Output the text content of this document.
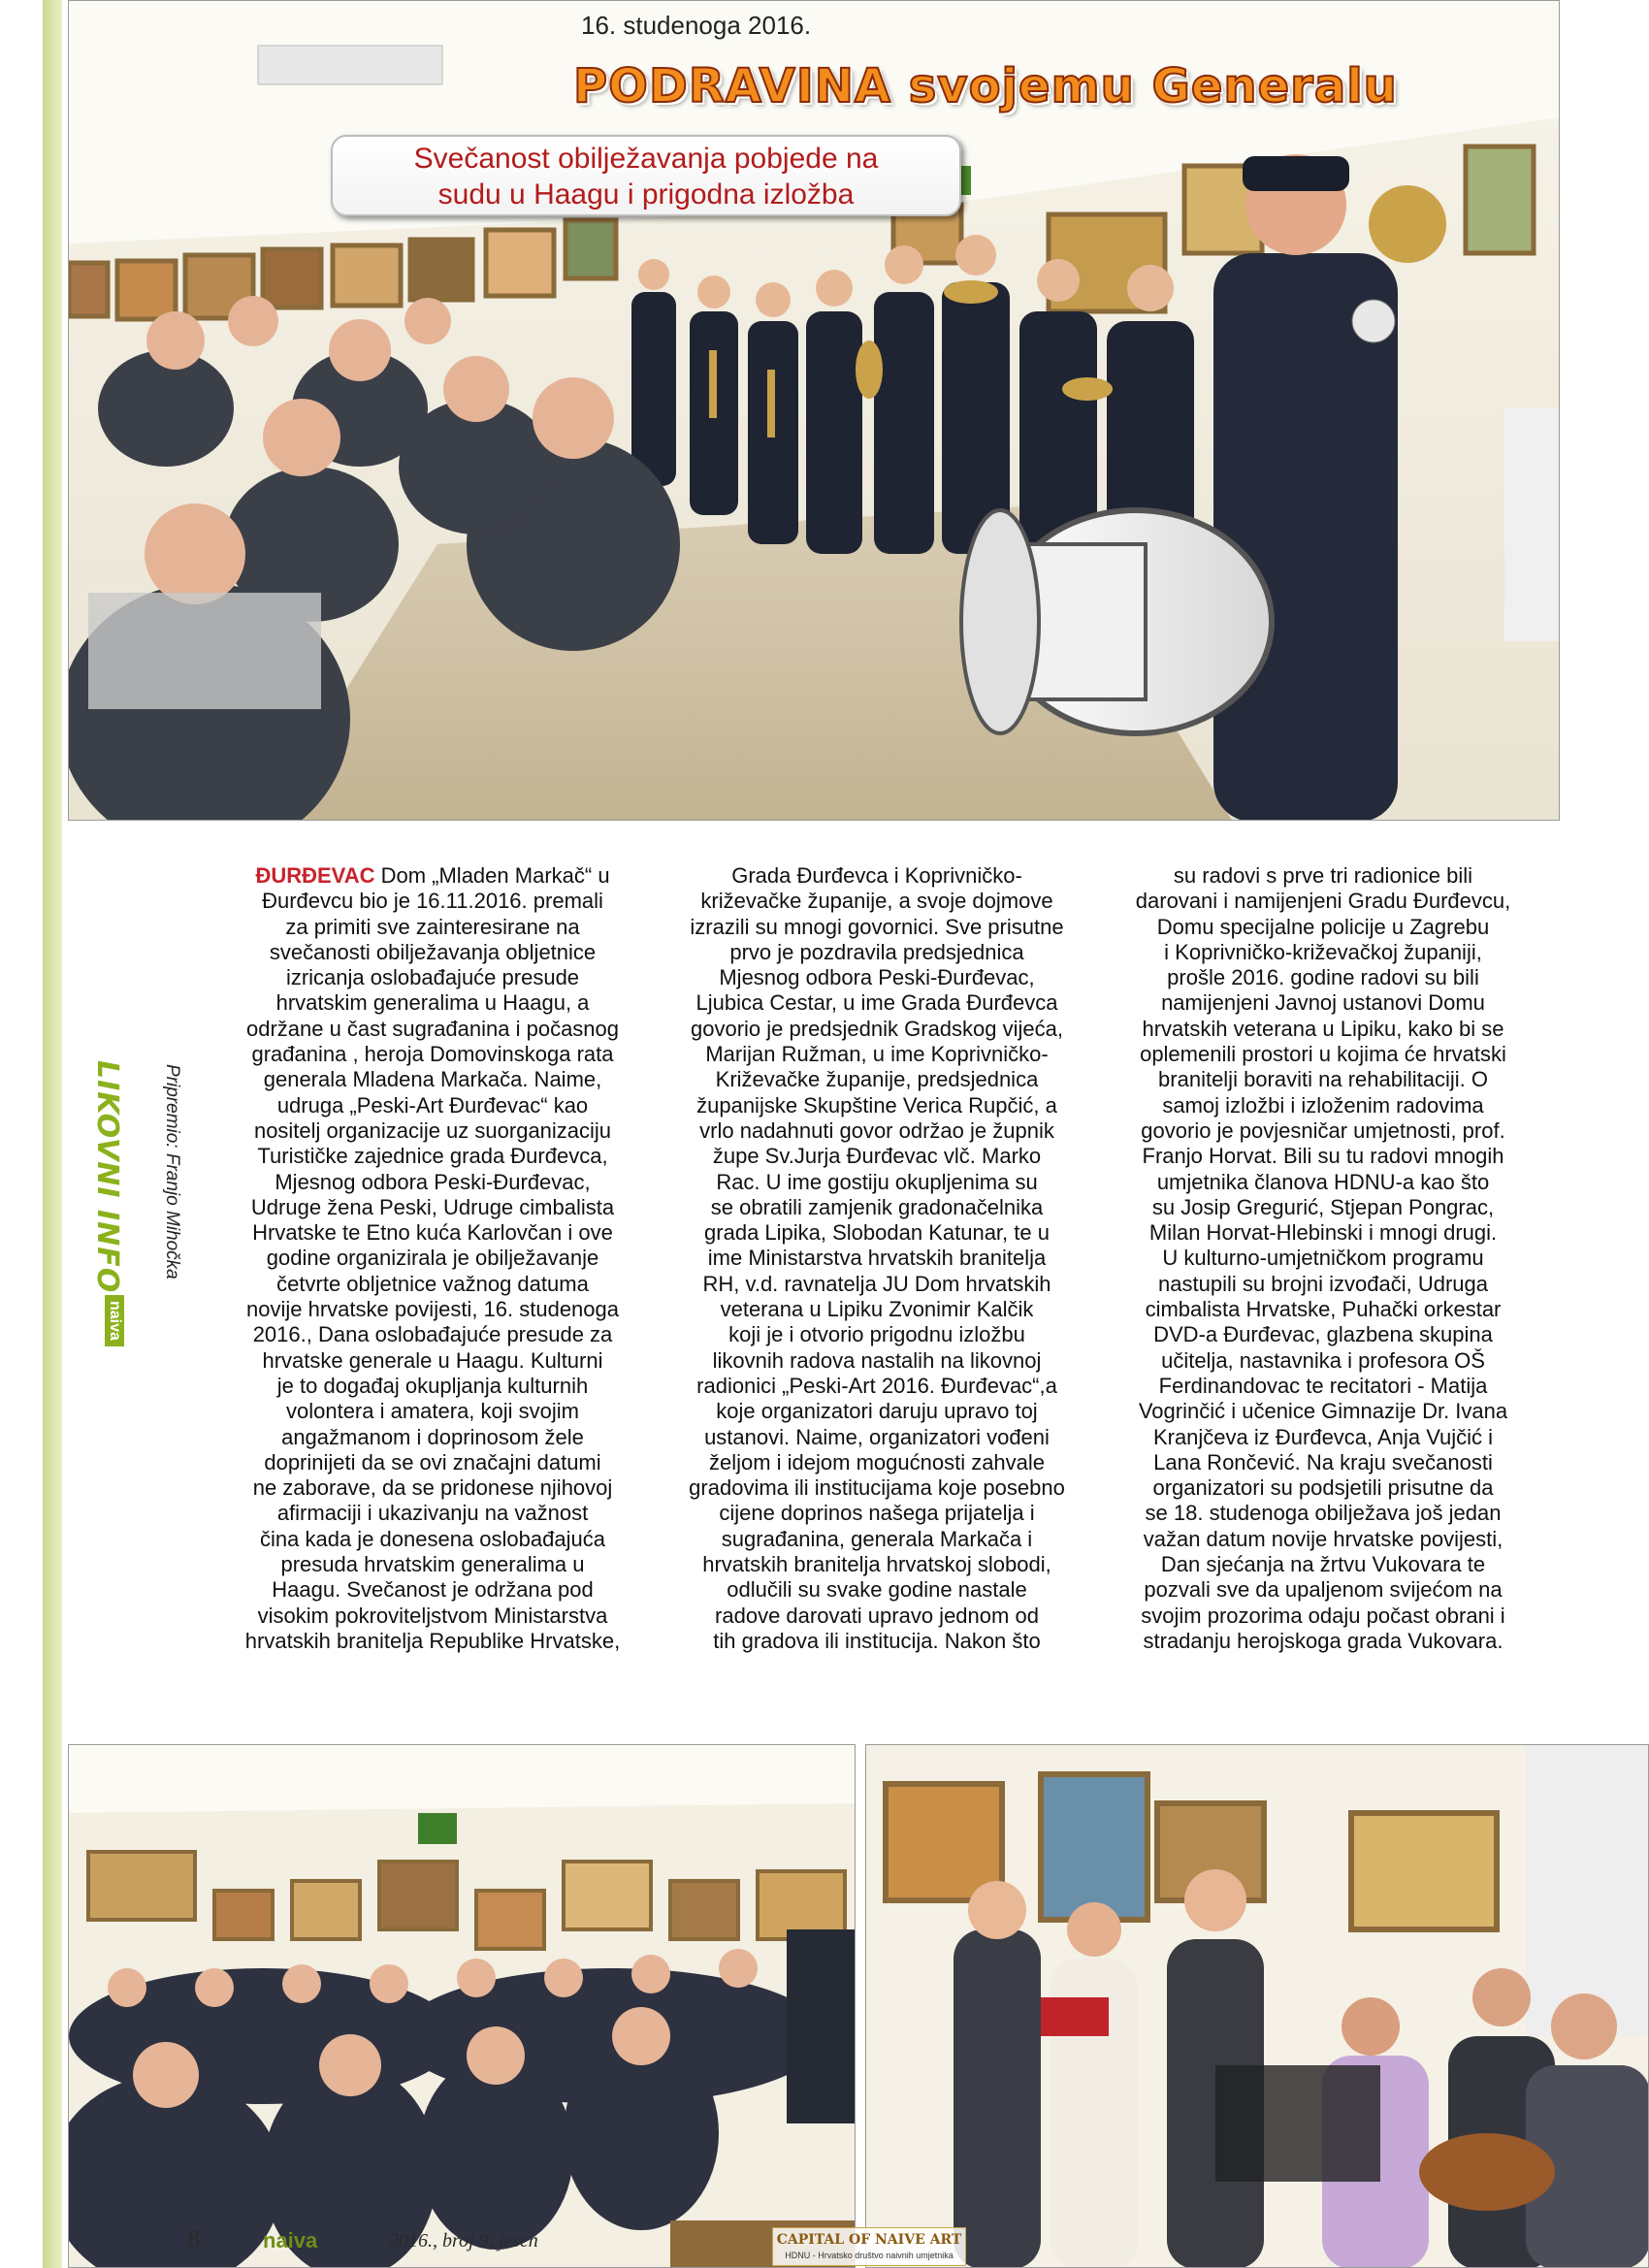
16. studenoga 2016.
PODRAVINA svojemu Generalu
Svečanost obilježavanja pobjede na
sudu u Haagu i prigodna izložba
LIKOVNI INFO Pripremio: Franjo Mihočka
naiva
ĐURĐEVAC Dom „Mladen Markač“ u
Đurđevcu bio je 16.11.2016. premali
za primiti sve zainteresirane na
svečanosti obilježavanja obljetnice
izricanja oslobađajuće presude
hrvatskim generalima u Haagu, a
održane u čast sugrađanina i počasnog
građanina , heroja Domovinskoga rata
generala Mladena Markača. Naime,
udruga „Peski-Art Đurđevac“ kao
nositelj organizacije uz suorganizaciju
Turističke zajednice grada Đurđevca,
Mjesnog odbora Peski-Đurđevac,
Udruge žena Peski, Udruge cimbalista
Hrvatske te Etno kuća Karlovčan i ove
godine organizirala je obilježavanje
četvrte obljetnice važnog datuma
novije hrvatske povijesti, 16. studenoga
2016., Dana oslobađajuće presude za
hrvatske generale u Haagu. Kulturni
je to događaj okupljanja kulturnih
volontera i amatera, koji svojim
angažmanom i doprinosom žele
doprinijeti da se ovi značajni datumi
ne zaborave, da se pridonese njihovoj
afirmaciji i ukazivanju na važnost
čina kada je donesena oslobađajuća
presuda hrvatskim generalima u
Haagu. Svečanost je održana pod
visokim pokroviteljstvom Ministarstva
hrvatskih branitelja Republike Hrvatske,
Grada Đurđevca i Koprivničko-
križevačke županije, a svoje dojmove
izrazili su mnogi govornici. Sve prisutne
prvo je pozdravila predsjednica
Mjesnog odbora Peski-Đurđevac,
Ljubica Cestar, u ime Grada Đurđevca
govorio je predsjednik Gradskog vijeća,
Marijan Ružman, u ime Koprivničko-
Križevačke županije, predsjednica
županijske Skupštine Verica Rupčić, a
vrlo nadahnuti govor održao je župnik
župe Sv.Jurja Đurđevac vlč. Marko
Rac. U ime gostiju okupljenima su
se obratili zamjenik gradonačelnika
grada Lipika, Slobodan Katunar, te u
ime Ministarstva hrvatskih branitelja
RH, v.d. ravnatelja JU Dom hrvatskih
veterana u Lipiku Zvonimir Kalčik
koji je i otvorio prigodnu izložbu
likovnih radova nastalih na likovnoj
radionici „Peski-Art 2016. Đurđevac“,a
koje organizatori daruju upravo toj
ustanovi. Naime, organizatori vođeni
željom i idejom mogućnosti zahvale
gradovima ili institucijama koje posebno
cijene doprinos našega prijatelja i
sugrađanina, generala Markača i
hrvatskih branitelja hrvatskoj slobodi,
odlučili su svake godine nastale
radove darovati upravo jednom od
tih gradova ili institucija. Nakon što
su radovi s prve tri radionice bili
darovani i namijenjeni Gradu Đurđevcu,
Domu specijalne policije u Zagrebu
i Koprivničko-križevačkoj županiji,
prošle 2016. godine radovi su bili
namijenjeni Javnoj ustanovi Domu
hrvatskih veterana u Lipiku, kako bi se
oplemenili prostori u kojima će hrvatski
branitelji boraviti na rehabilitaciji. O
samoj izložbi i izloženim radovima
govorio je povjesničar umjetnosti, prof.
Franjo Horvat. Bili su tu radovi mnogih
umjetnika članova HDNU-a kao što
su Josip Gregurić, Stjepan Pongrac,
Milan Horvat-Hlebinski i mnogi drugi.
U kulturno-umjetničkom programu
nastupili su brojni izvođači, Udruga
cimbalista Hrvatske, Puhački orkestar
DVD-a Đurđevac, glazbena skupina
učitelja, nastavnika i profesora OŠ
Ferdinandovac te recitatori - Matija
Vogrinčić i učenice Gimnazije Dr. Ivana
Kranjčeva iz Đurđevca, Anja Vujčić i
Lana Rončević. Na kraju svečanosti
organizatori su podsjetili prisutne da
se 18. studenoga obilježava još jedan
važan datum novije hrvatske povijesti,
Dan sjećanja na žrtvu Vukovara te
pozvali sve da upaljenom svijećom na
svojim prozorima odaju počast obrani i
stradanju herojskoga grada Vukovara.
8	naiva	2016., broj 9, jesen	CAPITAL OF NAIVE ART
HDNU - Hrvatsko društvo naivnih umjetnika
